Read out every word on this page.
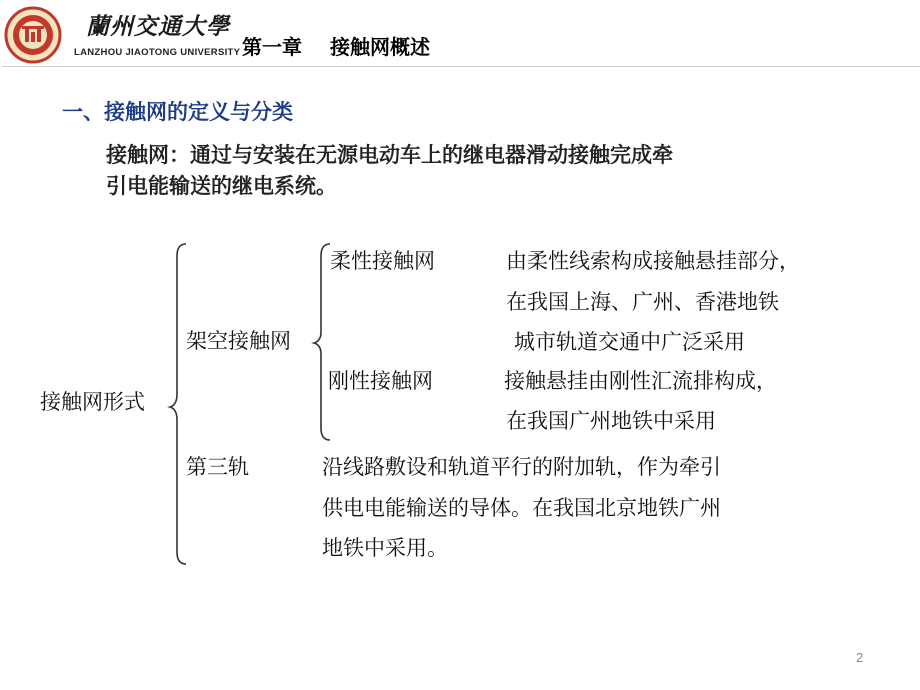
蘭州交通大學
LANZHOU JIAOTONG UNIVERSITY 第一章 接触网概述
一、接触网的定义与分类
接触网：通过与安装在无源电动车上的继电器滑动接触完成牵
引电能输送的继电系统。
接触网形式
架空接触网
柔性接触网	由柔性线索构成接触悬挂部分，
在我国上海、广州、香港地铁
城市轨道交通中广泛采用
刚性接触网	接触悬挂由刚性汇流排构成，
在我国广州地铁中采用
第三轨	沿线路敷设和轨道平行的附加轨，作为牵引
供电电能输送的导体。在我国北京地铁广州
地铁中采用。
2
